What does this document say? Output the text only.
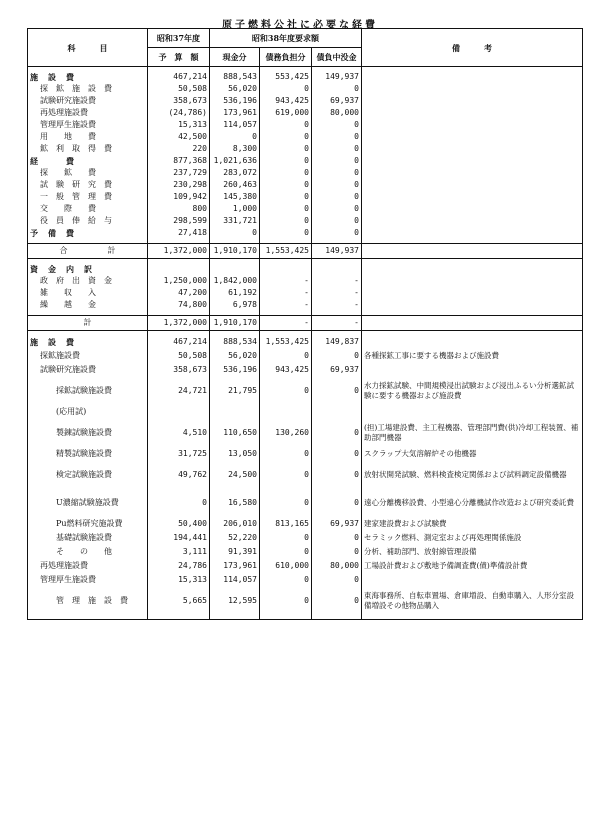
原子燃料公社に必要な経費
科　　　目	昭和37年度	昭和38年度要求額			備　　　考
	予　算　額	現金分	債務負担分	債負中没金	

施　設　費	467,214	888,543	553,425	149,937	
探　鉱　施　設　費	50,508	56,020	0	0	
試験研究施設費	358,673	536,196	943,425	69,937	
再処理施設費	(24,786)	173,961	619,000	80,000	
管理厚生施設費	15,313	114,057	0	0	
用　　地　　費	42,500	0	0	0	
鉱　利　取　得　費	220	8,300	0	0	
経　　　費	877,368	1,021,636	0	0	
探　　鉱　　費	237,729	283,072	0	0	
試　験　研　究　費	230,298	260,463	0	0	
一　般　管　理　費	109,942	145,380	0	0	
交　　際　　費	800	1,000	0	0	
役　員　俸　給　与	298,599	331,721	0	0	
予　備　費	27,418	0	0	0	

合　　　　　計	1,372,000	1,910,170	1,553,425	149,937	

資　金　内　訳					
政　府　出　資　金	1,250,000	1,842,000	-	-	
雑　　収　　入	47,200	61,192	-	-	
繰　　越　　金	74,800	6,978	-	-	

計	1,372,000	1,910,170	-	-	

施　設　費	467,214	888,534	1,553,425	149,837	
探鉱施設費	50,508	56,020	0	0	各種探鉱工事に要する機器および施設費
試験研究施設費	358,673	536,196	943,425	69,937	
採鉱試験施設費	24,721	21,795	0	0	水力採鉱試験、中間規模浸出試験および浸出ふるい分析選鉱試験に要する機器および施設費
(応用試)					
製錬試験施設費	4,510	110,650	130,260	0	(担)工場建設費、主工程機器、管理部門費(供)冷却工程装置、補助部門機器
精製試験施設費	31,725	13,050	0	0	スクラップ大気溶解炉その他機器
検定試験施設費	49,762	24,500	0	0	放射状開発試験、燃料検査検定関係および試料調定設備機器
U濃縮試験施設費	0	16,580	0	0	遠心分離機移設費、小型遠心分離機試作改造および研究委託費
Pu燃料研究施設費	50,400	206,010	813,165	69,937	建家建設費および試験費
基礎試験施設費	194,441	52,220	0	0	セラミック燃料、測定室および再処理関係施設
そ　　の　　他	3,111	91,391	0	0	分析、補助部門、放射線管理設備
再処理施設費	24,786	173,961	610,000	80,000	工場設計費および敷地予備調査費(債)準備設計費
管理厚生施設費	15,313	114,057	0	0	
管　理　施　設　費	5,665	12,595	0	0	東海事務所、自転車置場、倉庫増設、自動車購入、人形分室設備増設その他物品購入
